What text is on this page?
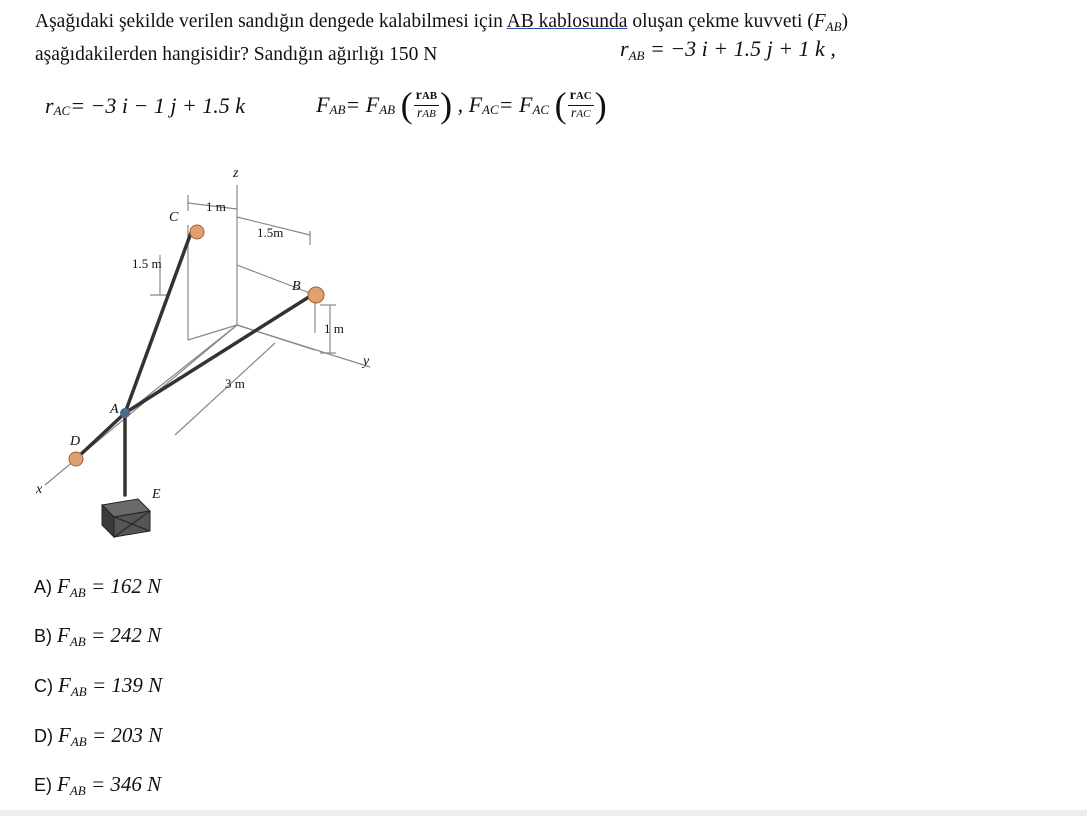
Aşağıdaki şekilde verilen sandığın dengede kalabilmesi için AB kablosunda oluşan çekme kuvveti $(F_{AB})$
aşağıdakilerden hangisidir? Sandığın ağırlığı 150 N	$r_{AB} = -3$ i + 1.5 j + 1 k ,
$r_{AC}= -3$ i − 1 j + 1.5 k	$F_{AB}= F_{AB}$ ( $\frac{\text{rAB}}{\text{rAB}}$ ) , $F_{AC}= F_{AC}$ ( $\frac{\text{rAC}}{\text{rAC}}$ )
z
y
x
C
B
A
D
E
1 m
1.5m
1.5 m
1 m
3 m
A) $F_{AB} = 162$ N
B) $F_{AB} = 242$ N
C) $F_{AB} = 139$ N
D) $F_{AB} = 203$ N
E) $F_{AB} = 346$ N
